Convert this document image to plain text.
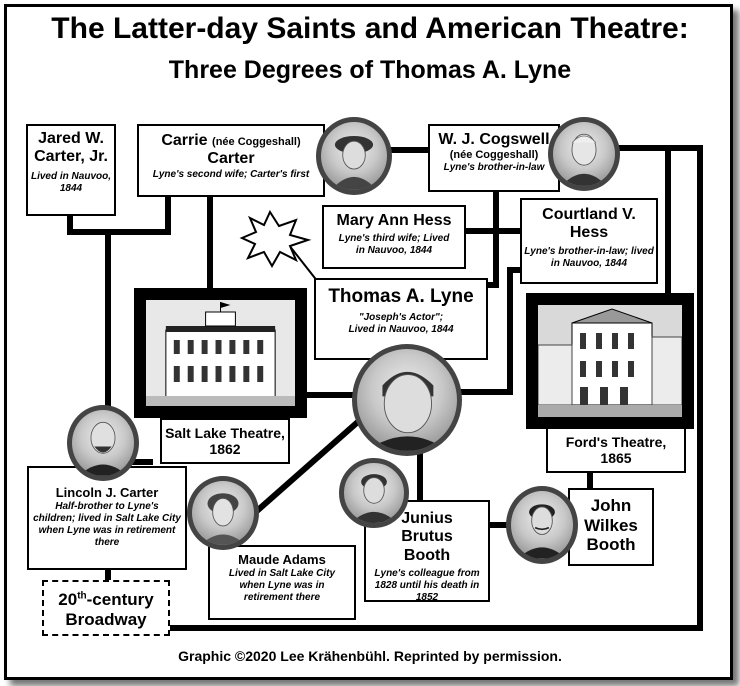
The Latter-day Saints and American Theatre:
Three Degrees of Thomas A. Lyne
Jared W. Carter, Jr.
Lived in Nauvoo, 1844
Carrie (née Coggeshall)
Carter
Lyne's second wife; Carter's first
W. J. Cogswell
(née Coggeshall)
Lyne's brother-in-law
Mary Ann Hess
Lyne's third wife; Lived in Nauvoo, 1844
Courtland V. Hess
Lyne's brother-in-law; lived in Nauvoo, 1844
Thomas A. Lyne
"Joseph's Actor";
Lived in Nauvoo, 1844
Lincoln J. Carter
Half-brother to Lyne's children; lived in Salt Lake City when Lyne was in retirement there
Maude Adams
Lived in Salt Lake City when Lyne was in retirement there
Junius Brutus Booth
Lyne's colleague from 1828 until his death in 1852
John Wilkes Booth
Salt Lake Theatre,
1862	Ford's Theatre,
1865
20th-century
Broadway
Graphic ©2020 Lee Krähenbühl. Reprinted by permission.
